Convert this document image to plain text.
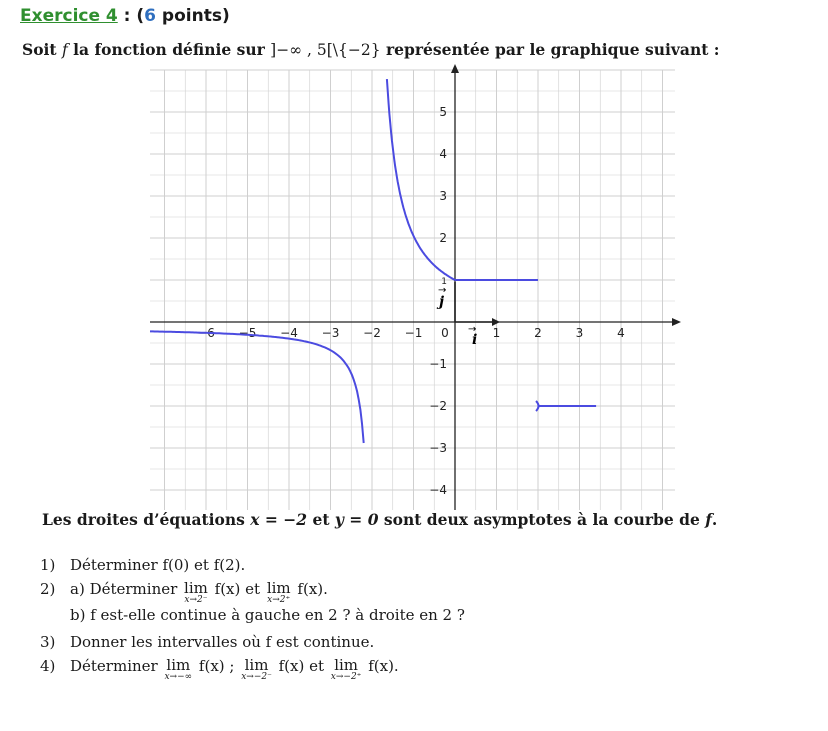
Exercice 4 : (6 points)
Soit f la fonction définie sur ]−∞ , 5[\{−2} représentée par le graphique suivant :
−6 −5 −4 −3 −2 −1 0	1	2	3	4
5
4
3
2
1
−1
−2
−3
−4
i
→
j
→
Les droites d’équations x = −2 et y = 0 sont deux asymptotes à la courbe de f.
1) Déterminer f(0) et f(2).
2) a) Déterminer lim
x→2⁻
f(x) et lim
x→2⁺
f(x).
b) f est-elle continue à gauche en 2 ? à droite en 2 ?
3) Donner les intervalles où f est continue.
4) Déterminer lim
x→−∞
f(x) ; lim
x→−2⁻
f(x) et lim
x→−2⁺
f(x).
